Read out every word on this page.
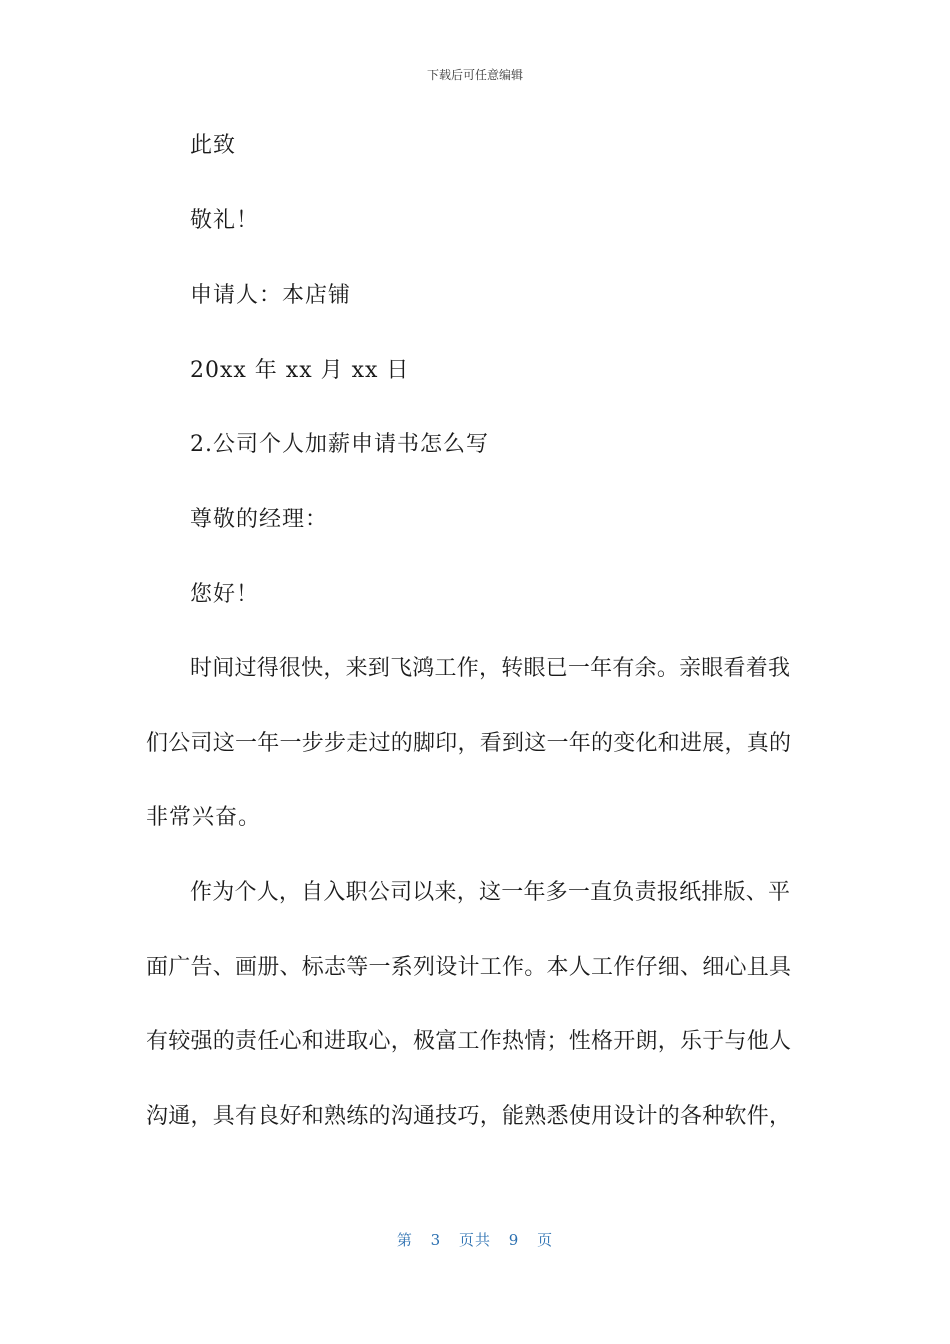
下载后可任意编辑
此致
敬礼！
申请人：本店铺
20xx 年 xx 月 xx 日
2.公司个人加薪申请书怎么写
尊敬的经理：
您好！
时间过得很快，来到飞鸿工作，转眼已一年有余。亲眼看着我
们公司这一年一步步走过的脚印，看到这一年的变化和进展，真的
非常兴奋。
作为个人，自入职公司以来，这一年多一直负责报纸排版、平
面广告、画册、标志等一系列设计工作。本人工作仔细、细心且具
有较强的责任心和进取心，极富工作热情；性格开朗，乐于与他人
沟通，具有良好和熟练的沟通技巧，能熟悉使用设计的各种软件，
第 3 页共 9 页
